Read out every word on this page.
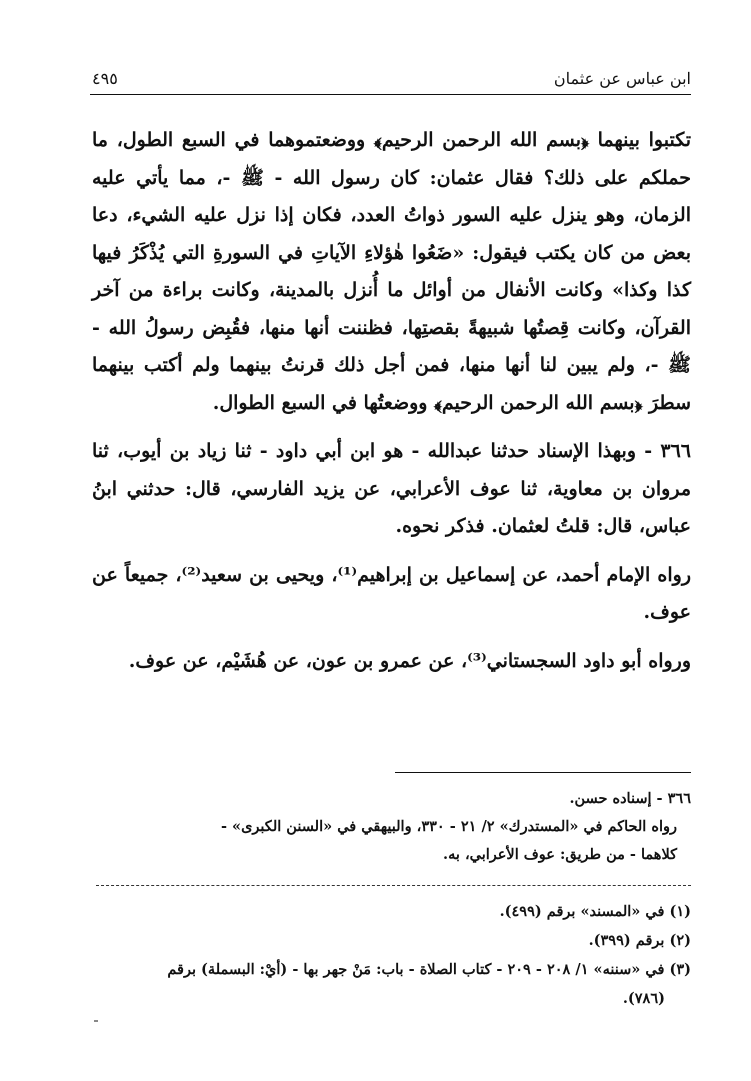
ابن عباس عن عثمان
٤٩٥

تكتبوا بينهما ﴿بسم الله الرحمن الرحيم﴾ ووضعتموهما في السبع الطول، ما حملكم على ذلك؟ فقال عثمان: كان رسول الله - ﷺ -، مما يأتي عليه الزمان، وهو ينزل عليه السور ذواتُ العدد، فكان إذا نزل عليه الشيء، دعا بعض من كان يكتب فيقول: «ضَعُوا هٰؤلاءِ الآياتِ في السورةِ التي يُذْكَرُ فيها كذا وكذا» وكانت الأنفال من أوائل ما أُنزل بالمدينة، وكانت براءة من آخر القرآن، وكانت قِصتُها شبيهةً بقصتِها، فظننت أنها منها، فقُبِض رسولُ الله - ﷺ -، ولم يبين لنا أنها منها، فمن أجل ذلك قرنتُ بينهما ولم أكتب بينهما سطرَ ﴿بسم الله الرحمن الرحيم﴾ ووضعتُها في السبع الطوال.

٣٦٦ - وبهذا الإسناد حدثنا عبدالله - هو ابن أبي داود - ثنا زياد بن أيوب، ثنا مروان بن معاوية، ثنا عوف الأعرابي، عن يزيد الفارسي، قال: حدثني ابنُ عباس، قال: قلتُ لعثمان. فذكر نحوه.

رواه الإمام أحمد، عن إسماعيل بن إبراهيم⁽¹⁾، ويحيى بن سعيد⁽²⁾، جميعاً عن عوف.

ورواه أبو داود السجستاني⁽³⁾، عن عمرو بن عون، عن هُشَيْم، عن عوف.

٣٦٦ - إسناده حسن.
رواه الحاكم في «المستدرك» ٢/ ٢١ - ٣٣٠، والبيهقي في «السنن الكبرى» -
كلاهما - من طريق: عوف الأعرابي، به.
(١) في «المسند» برقم (٤٩٩).
(٢) برقم (٣٩٩).
(٣) في «سننه» ١/ ٢٠٨ - ٢٠٩ - كتاب الصلاة - باب: مَنْ جهر بها - (أيْ: البسملة) برقم
(٧٨٦).
